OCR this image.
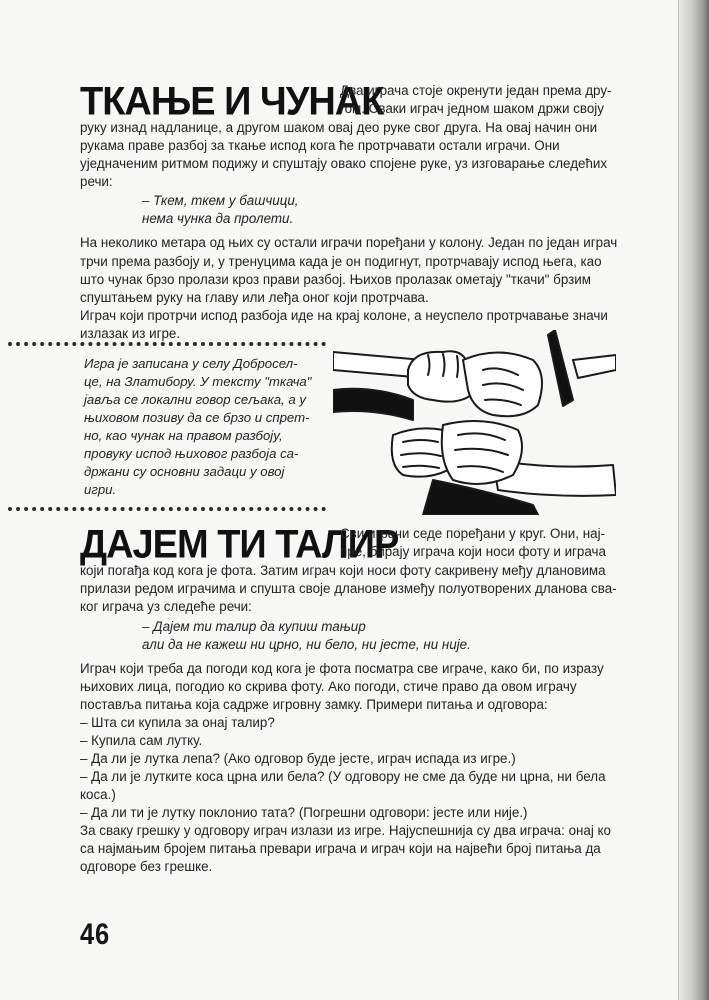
ТКАЊЕ И ЧУНАК
Два играча стоје окренути један према дру-
гом. Сваки играч једном шаком држи своју
руку изнад надланице, а другом шаком овај део руке свог друга. На овај начин они
рукама праве разбој за ткање испод кога ће протрчавати остали играчи. Они
уједначеним ритмом подижу и спуштају овако спојене руке, уз изговарање следећих
речи:
– Ткем, ткем у башчици,
нема чунка да пролети.
На неколико метара од њих су остали играчи поређани у колону. Један по један играч
трчи према разбоју и, у тренуцима када је он подигнут, протрчавају испод њега, као
што чунак брзо пролази кроз прави разбој. Њихов пролазак ометају "ткачи" брзим
спуштањем руку на главу или леђа оног који протрчава.
Играч који протрчи испод разбоја иде на крај колоне, а неуспело протрчавање значи
излазак из игре.
Игра је записана у селу Добросел-
це, на Златибору. У тексту "ткача"
јавља се локални говор сељака, а у
њиховом позиву да се брзо и спрет-
но, као чунак на правом разбоју,
провуку испод њиховог разбоја са-
држани су основни задаци у овој
игри.
ДАЈЕМ ТИ ТАЛИР
Сви играчи седе поређани у круг. Они, нај-
пре, бирају играча који носи фоту и играча
који погађа код кога је фота. Затим играч који носи фоту сакривену међу длановима
прилази редом играчима и спушта своје дланове између полуотворених дланова сва-
ког играча уз следеће речи:
– Дајем ти талир да купиш тањир
али да не кажеш ни црно, ни бело, ни јесте, ни није.
Играч који треба да погоди код кога је фота посматра све играче, како би, по изразу
њихових лица, погодио ко скрива фоту. Ако погоди, стиче право да овом играчу
поставља питања која садрже игровну замку. Примери питања и одговора:
– Шта си купила за онај талир?
– Купила сам лутку.
– Да ли је лутка лепа? (Ако одговор буде јесте, играч испада из игре.)
– Да ли је лутките коса црна или бела? (У одговору не сме да буде ни црна, ни бела
коса.)
– Да ли ти је лутку поклонио тата? (Погрешни одговори: јесте или није.)
За сваку грешку у одговору играч излази из игре. Најуспешнија су два играча: онај ко
са најмањим бројем питања превари играча и играч који на највећи број питања да
одговоре без грешке.
46
